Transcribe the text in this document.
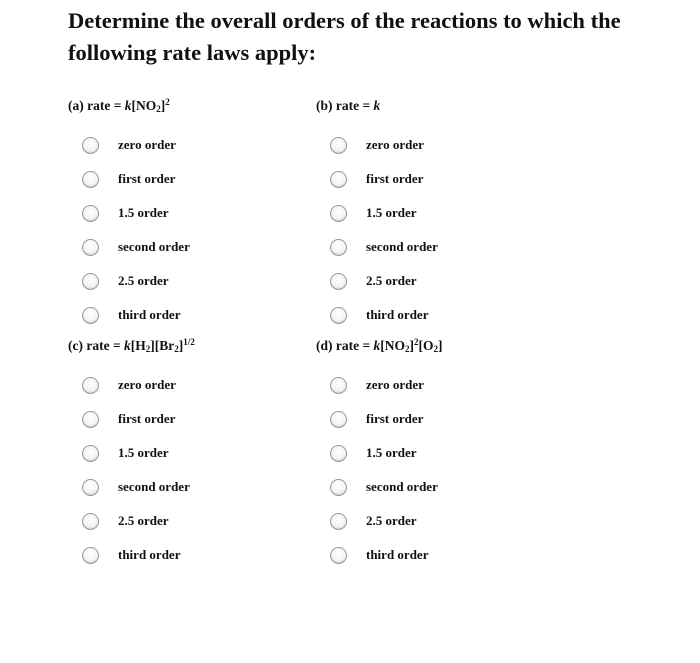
Determine the overall orders of the reactions to which the following rate laws apply:
(a) rate = $k[NO_2]^2$
zero order
first order
1.5 order
second order
2.5 order
third order
(b) rate = k
zero order
first order
1.5 order
second order
2.5 order
third order
(c) rate = $k[H_2][Br_2]^{1/2}$
zero order
first order
1.5 order
second order
2.5 order
third order
(d) rate = $k[NO_2]^2[O_2]$
zero order
first order
1.5 order
second order
2.5 order
third order
